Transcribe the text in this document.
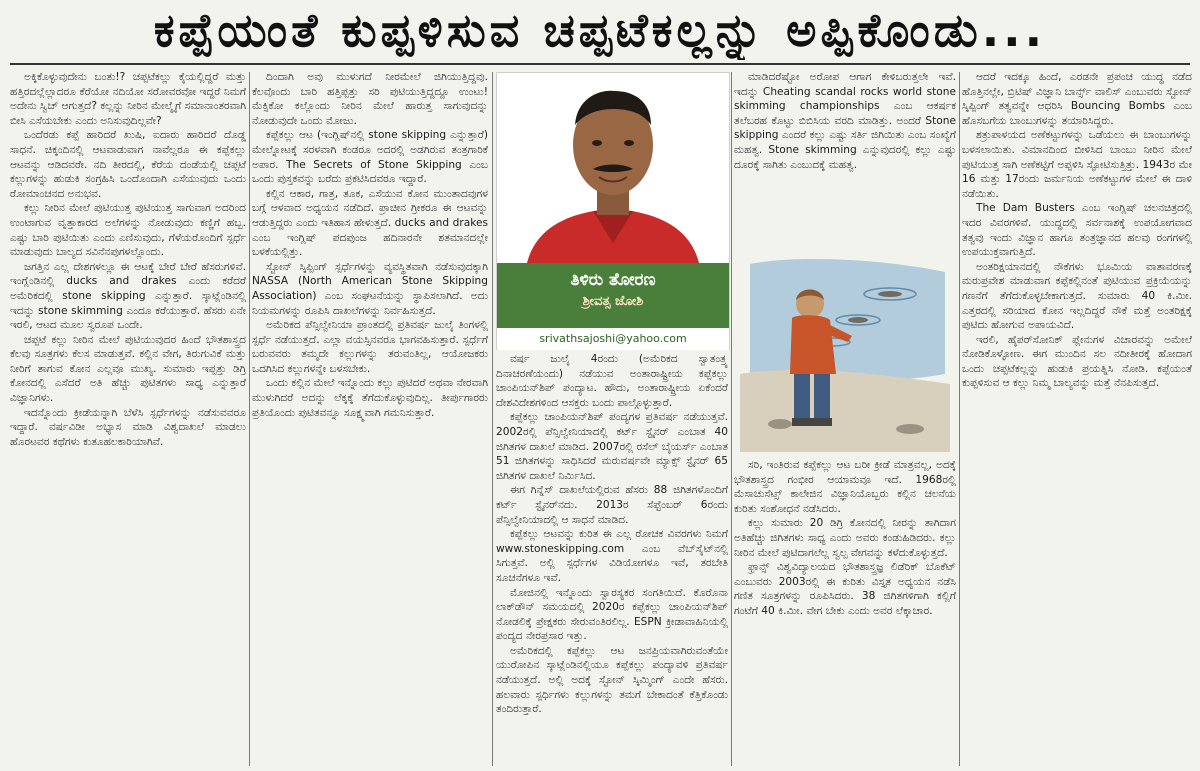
ಕಪ್ಪೆಯಂತೆ ಕುಪ್ಪಳಿಸುವ ಚಪ್ಪಟೆಕಲ್ಲನ್ನು ಅಪ್ಪಿಕೊಂಡು...

ಅಕ್ಕಿಕೊಳ್ಳುವುದೇನು ಬಂತು!? ಚಪ್ಪಟೆಕಲ್ಲು ಕೈಯಲ್ಲಿದ್ದರೆ ಮತ್ತು ಹತ್ತಿರದಲ್ಲೆಲ್ಲಾದರೂ ಕೆರೆಯೋ ನದಿಯೋ ಸರೋವರವೋ ಇದ್ದರೆ ನಿಮಗೆ ಅದೇನು ಸ್ವಿಚ್ ಆಗುತ್ತದೆ? ಕಲ್ಲನ್ನು ನೀರಿನ ಮೇಲ್ಮೈಗೆ ಸಮಾನಾಂತರವಾಗಿ ಬೀಸಿ ಎಸೆಯಬೇಕು ಎಂದು ಅನಿಸುವುದಿಲ್ಲವೇ?

ಒಂದೆರಡು ಕಪ್ಪೆ ಹಾರಿದರೆ ಖುಷಿ, ಐದಾರು ಹಾರಿದರೆ ದೊಡ್ಡ ಸಾಧನೆ. ಚಿಕ್ಕಂದಿನಲ್ಲಿ ಆಟವಾಡುವಾಗ ನಾವೆಲ್ಲರೂ ಈ ಕಪ್ಪೆಕಲ್ಲು ಆಟವನ್ನು ಆಡಿದವರೇ. ನದಿ ತೀರದಲ್ಲಿ, ಕೆರೆಯ ದಂಡೆಯಲ್ಲಿ ಚಪ್ಪಟೆ ಕಲ್ಲುಗಳನ್ನು ಹುಡುಕಿ ಸಂಗ್ರಹಿಸಿ ಒಂದೊಂದಾಗಿ ಎಸೆಯುವುದು ಒಂದು ರೋಮಾಂಚನದ ಅನುಭವ.

ಕಲ್ಲು ನೀರಿನ ಮೇಲೆ ಪುಟಿಯುತ್ತ ಪುಟಿಯುತ್ತ ಸಾಗುವಾಗ ಅದರಿಂದ ಉಂಟಾಗುವ ವೃತ್ತಾಕಾರದ ಅಲೆಗಳನ್ನು ನೋಡುವುದು ಕಣ್ಣಿಗೆ ಹಬ್ಬ. ಎಷ್ಟು ಬಾರಿ ಪುಟಿಯಿತು ಎಂದು ಎಣಿಸುವುದು, ಗೆಳೆಯರೊಂದಿಗೆ ಸ್ಪರ್ಧೆ ಮಾಡುವುದು ಬಾಲ್ಯದ ಸವಿನೆನಪುಗಳಲ್ಲೊಂದು.

ಜಗತ್ತಿನ ಎಲ್ಲ ದೇಶಗಳಲ್ಲೂ ಈ ಆಟಕ್ಕೆ ಬೇರೆ ಬೇರೆ ಹೆಸರುಗಳಿವೆ. ಇಂಗ್ಲೆಂಡಿನಲ್ಲಿ ducks and drakes ಎಂದು ಕರೆದರೆ ಅಮೆರಿಕದಲ್ಲಿ stone skipping ಎನ್ನುತ್ತಾರೆ. ಸ್ಕಾಟ್ಲೆಂಡಿನಲ್ಲಿ ಇದನ್ನು stone skimming ಎಂದೂ ಕರೆಯುತ್ತಾರೆ. ಹೆಸರು ಏನೇ ಇರಲಿ, ಆಟದ ಮೂಲ ಸ್ವರೂಪ ಒಂದೇ.

ಚಪ್ಪಟೆ ಕಲ್ಲು ನೀರಿನ ಮೇಲೆ ಪುಟಿಯುವುದರ ಹಿಂದೆ ಭೌತಶಾಸ್ತ್ರದ ಕೆಲವು ಸೂತ್ರಗಳು ಕೆಲಸ ಮಾಡುತ್ತವೆ. ಕಲ್ಲಿನ ವೇಗ, ತಿರುಗುವಿಕೆ ಮತ್ತು ನೀರಿಗೆ ತಾಗುವ ಕೋನ ಎಲ್ಲವೂ ಮುಖ್ಯ. ಸುಮಾರು ಇಪ್ಪತ್ತು ಡಿಗ್ರಿ ಕೋನದಲ್ಲಿ ಎಸೆದರೆ ಅತಿ ಹೆಚ್ಚು ಪುಟಿತಗಳು ಸಾಧ್ಯ ಎನ್ನುತ್ತಾರೆ ವಿಜ್ಞಾನಿಗಳು.

ಇದನ್ನೊಂದು ಕ್ರೀಡೆಯನ್ನಾಗಿ ಬೆಳೆಸಿ ಸ್ಪರ್ಧೆಗಳನ್ನು ನಡೆಸುವವರೂ ಇದ್ದಾರೆ. ವರ್ಷವಿಡೀ ಅಭ್ಯಾಸ ಮಾಡಿ ವಿಶ್ವದಾಖಲೆ ಮಾಡಲು ಹೊರಟವರ ಕಥೆಗಳು ಕುತೂಹಲಕಾರಿಯಾಗಿವೆ.

ದಿಂದಾಗಿ ಅವು ಮುಳುಗದೆ ನೀರಮೇಲೆ ಜಿಗಿಯುತ್ತಿದ್ದವು. ಕೆಲವೊಂದು ಬಾರಿ ಹತ್ತಿಪ್ಪತ್ತು ಸರಿ ಪುಟಿಯುತ್ತಿದ್ದದ್ದೂ ಉಂಟು! ಮೆಕ್ಸಿಕೋ ಕಲ್ಲೊಂದು ನೀರಿನ ಮೇಲೆ ಹಾರುತ್ತ ಸಾಗುವುದನ್ನು ನೋಡುವುದೇ ಒಂದು ಮೋಜು.

ಕಪ್ಪೆಕಲ್ಲು ಆಟ (ಇಂಗ್ಲಿಷ್‌ನಲ್ಲಿ stone skipping ಎನ್ನುತ್ತಾರೆ) ಮೇಲ್ನೋಟಕ್ಕೆ ಸರಳವಾಗಿ ಕಂಡರೂ ಅದರಲ್ಲಿ ಅಡಗಿರುವ ತಂತ್ರಗಾರಿಕೆ ಅಪಾರ. The Secrets of Stone Skipping ಎಂಬ ಒಂದು ಪುಸ್ತಕವನ್ನು ಬರೆದು ಪ್ರಕಟಿಸಿದವರೂ ಇದ್ದಾರೆ.

ಕಲ್ಲಿನ ಆಕಾರ, ಗಾತ್ರ, ತೂಕ, ಎಸೆಯುವ ಕೋನ ಮುಂತಾದವುಗಳ ಬಗ್ಗೆ ಆಳವಾದ ಅಧ್ಯಯನ ನಡೆದಿದೆ. ಪ್ರಾಚೀನ ಗ್ರೀಕರೂ ಈ ಆಟವನ್ನು ಆಡುತ್ತಿದ್ದರು ಎಂದು ಇತಿಹಾಸ ಹೇಳುತ್ತದೆ. ducks and drakes ಎಂಬ ಇಂಗ್ಲಿಷ್ ಪದಪುಂಜ ಹದಿನಾರನೇ ಶತಮಾನದಲ್ಲೇ ಬಳಕೆಯಲ್ಲಿತ್ತು.

ಸ್ಟೋನ್ ಸ್ಕಿಪ್ಪಿಂಗ್ ಸ್ಪರ್ಧೆಗಳನ್ನು ವ್ಯವಸ್ಥಿತವಾಗಿ ನಡೆಸುವುದಕ್ಕಾಗಿ NASSA (North American Stone Skipping Association) ಎಂಬ ಸಂಘಟನೆಯನ್ನು ಸ್ಥಾಪಿಸಲಾಗಿದೆ. ಅದು ನಿಯಮಗಳನ್ನು ರೂಪಿಸಿ ದಾಖಲೆಗಳನ್ನು ನಿರ್ವಹಿಸುತ್ತದೆ.

ಅಮೆರಿಕದ ಪೆನ್ಸಿಲ್ವೇನಿಯಾ ಪ್ರಾಂತದಲ್ಲಿ ಪ್ರತಿವರ್ಷ ಜುಲೈ ತಿಂಗಳಲ್ಲಿ ಸ್ಪರ್ಧೆ ನಡೆಯುತ್ತದೆ. ಎಲ್ಲಾ ವಯಸ್ಸಿನವರೂ ಭಾಗವಹಿಸುತ್ತಾರೆ. ಸ್ಪರ್ಧೆಗೆ ಬರುವವರು ತಮ್ಮದೇ ಕಲ್ಲುಗಳನ್ನು ತರುವಂತಿಲ್ಲ, ಆಯೋಜಕರು ಒದಗಿಸಿದ ಕಲ್ಲುಗಳನ್ನೇ ಬಳಸಬೇಕು.

ಒಂದು ಕಲ್ಲಿನ ಮೇಲೆ ಇನ್ನೊಂದು ಕಲ್ಲು ಪುಟಿದರೆ ಅಥವಾ ನೇರವಾಗಿ ಮುಳುಗಿದರೆ ಅದನ್ನು ಲೆಕ್ಕಕ್ಕೆ ತೆಗೆದುಕೊಳ್ಳುವುದಿಲ್ಲ. ತೀರ್ಪುಗಾರರು ಪ್ರತಿಯೊಂದು ಪುಟಿತವನ್ನೂ ಸೂಕ್ಷ್ಮವಾಗಿ ಗಮನಿಸುತ್ತಾರೆ.

ತಿಳಿರು ತೋರಣ
ಶ್ರೀವತ್ಸ ಜೋಶಿ
srivathsajoshi@yahoo.com

ವರ್ಷ ಜುಲೈ 4ರಂದು (ಅಮೆರಿಕದ ಸ್ವಾತಂತ್ರ್ಯ ದಿನಾಚರಣೆಯಂದು) ನಡೆಯುವ ಅಂತಾರಾಷ್ಟ್ರೀಯ ಕಪ್ಪೆಕಲ್ಲು ಚಾಂಪಿಯನ್‌ಶಿಪ್ ಪಂದ್ಯಾಟ. ಹೌದು, ಅಂತಾರಾಷ್ಟ್ರೀಯ ಏಕೆಂದರೆ ದೇಶವಿದೇಶಗಳಿಂದ ಆಸಕ್ತರು ಬಂದು ಪಾಲ್ಗೊಳ್ಳುತ್ತಾರೆ.

ಕಪ್ಪೆಕಲ್ಲು ಚಾಂಪಿಯನ್‌ಶಿಪ್ ಪಂದ್ಯಗಳ ಪ್ರತಿವರ್ಷ ನಡೆಯುತ್ತವೆ. 2002ರಲ್ಲಿ ಪೆನ್ಸಿಲ್ವೇನಿಯಾದಲ್ಲಿ ಕರ್ಟ್ ಸ್ಟೈನರ್ ಎಂಬಾತ 40 ಜಿಗಿತಗಳ ದಾಖಲೆ ಮಾಡಿದ. 2007ರಲ್ಲಿ ರಸೆಲ್ ಬೈಯರ್ಸ್ ಎಂಬಾತ 51 ಜಿಗಿತಗಳನ್ನು ಸಾಧಿಸಿದರೆ ಮರುವರ್ಷವೇ ಮ್ಯಾಕ್ಸ್ ಸ್ಟೈನರ್ 65 ಜಿಗಿತಗಳ ದಾಖಲೆ ನಿರ್ಮಿಸಿದ.

ಈಗ ಗಿನ್ನೆಸ್ ದಾಖಲೆಯಲ್ಲಿರುವ ಹೆಸರು 88 ಜಿಗಿತಗಳೊಂದಿಗೆ ಕರ್ಟ್ ಸ್ಟೈನರ್‌ನದು. 2013ರ ಸೆಪ್ಟೆಂಬರ್ 6ರಂದು ಪೆನ್ಸಿಲ್ವೇನಿಯಾದಲ್ಲಿ ಆ ಸಾಧನೆ ಮಾಡಿದ.

ಕಪ್ಪೆಕಲ್ಲು ಆಟವನ್ನು ಕುರಿತ ಈ ಎಲ್ಲ ರೋಚಕ ವಿವರಗಳು ನಿಮಗೆ www.stoneskipping.com ಎಂಬ ವೆಬ್‌ಸೈಟ್‌ನಲ್ಲಿ ಸಿಗುತ್ತವೆ. ಅಲ್ಲಿ ಸ್ಪರ್ಧೆಗಳ ವಿಡಿಯೋಗಳೂ ಇವೆ, ತರಬೇತಿ ಸೂಚನೆಗಳೂ ಇವೆ.

ಮೋಜಿನಲ್ಲಿ ಇನ್ನೊಂದು ಸ್ವಾರಸ್ಯಕರ ಸಂಗತಿಯಿದೆ. ಕೊರೊನಾ ಲಾಕ್‌ಡೌನ್ ಸಮಯದಲ್ಲಿ 2020ರ ಕಪ್ಪೆಕಲ್ಲು ಚಾಂಪಿಯನ್‌ಶಿಪ್ ನೋಡಲಿಕ್ಕೆ ಪ್ರೇಕ್ಷಕರು ಸೇರುವಂತಿರಲಿಲ್ಲ. ESPN ಕ್ರೀಡಾವಾಹಿನಿಯಲ್ಲಿ ಪಂದ್ಯದ ನೇರಪ್ರಸಾರ ಇತ್ತು.

ಅಮೆರಿಕದಲ್ಲಿ ಕಪ್ಪೆಕಲ್ಲು ಆಟ ಜನಪ್ರಿಯವಾಗಿರುವಂತೆಯೇ ಯುರೋಪಿನ ಸ್ಕಾಟ್ಲೆಂಡಿನಲ್ಲಿಯೂ ಕಪ್ಪೆಕಲ್ಲು ಪಂದ್ಯಾವಳಿ ಪ್ರತಿವರ್ಷ ನಡೆಯುತ್ತದೆ. ಅಲ್ಲಿ ಅದಕ್ಕೆ ಸ್ಟೋನ್ ಸ್ಕಿಮ್ಮಿಂಗ್ ಎಂದೇ ಹೆಸರು. ಹಲವಾರು ಸ್ಪರ್ಧಿಗಳು ಕಲ್ಲುಗಳನ್ನು ತಮಗೆ ಬೇಕಾದಂತೆ ಕೆತ್ತಿಕೊಂಡು ತಂದಿರುತ್ತಾರೆ.

ಮಾಡಿದರೆಷ್ಟೋ ಅರೋಪ ಆಗಾಗ ಕೇಳಿಬರುತ್ತಲೇ ಇವೆ. ಇದನ್ನು Cheating scandal rocks world stone skimming championships ಎಂಬ ಆಕರ್ಷಕ ತಲೆಬರಹ ಕೊಟ್ಟು ಬಿಬಿಸಿಯ ವರದಿ ಮಾಡಿತ್ತು. ಅಂದರೆ Stone skipping ಎಂದರೆ ಕಲ್ಲು ಎಷ್ಟು ಸರ್ತಿ ಜಿಗಿಯಿತು ಎಂಬ ಸಂಖ್ಯೆಗೆ ಮಹತ್ವ. Stone skimming ಎನ್ನುವುದರಲ್ಲಿ ಕಲ್ಲು ಎಷ್ಟು ದೂರಕ್ಕೆ ಸಾಗಿತು ಎಂಬುದಕ್ಕೆ ಮಹತ್ವ.

ಸರಿ, ಇಂತಿರುವ ಕಪ್ಪೆಕಲ್ಲು ಆಟ ಬರೀ ಕ್ರೀಡೆ ಮಾತ್ರವಲ್ಲ, ಅದಕ್ಕೆ ಭೌತಶಾಸ್ತ್ರದ ಗಂಭೀರ ಆಯಾಮವೂ ಇದೆ. 1968ರಲ್ಲಿ ಮೆಸಾಚುಸೆಟ್ಸ್ ಕಾಲೇಜಿನ ವಿಜ್ಞಾನಿಯೊಬ್ಬರು ಕಲ್ಲಿನ ಚಲನೆಯ ಕುರಿತು ಸಂಶೋಧನೆ ನಡೆಸಿದರು.

ಕಲ್ಲು ಸುಮಾರು 20 ಡಿಗ್ರಿ ಕೋನದಲ್ಲಿ ನೀರನ್ನು ತಾಗಿದಾಗ ಅತಿಹೆಚ್ಚು ಜಿಗಿತಗಳು ಸಾಧ್ಯ ಎಂದು ಅವರು ಕಂಡುಹಿಡಿದರು. ಕಲ್ಲು ನೀರಿನ ಮೇಲೆ ಪುಟಿದಾಗಲೆಲ್ಲ ಸ್ವಲ್ಪ ವೇಗವನ್ನು ಕಳೆದುಕೊಳ್ಳುತ್ತದೆ.

ಫ್ರಾನ್ಸ್ ವಿಶ್ವವಿದ್ಯಾಲಯದ ಭೌತಶಾಸ್ತ್ರಜ್ಞ ಲಿಡೆರಿಕ್ ಬೊಕೆಟ್ ಎಂಬುವರು 2003ರಲ್ಲಿ ಈ ಕುರಿತು ವಿಸ್ತೃತ ಅಧ್ಯಯನ ನಡೆಸಿ ಗಣಿತ ಸೂತ್ರಗಳನ್ನು ರೂಪಿಸಿದರು. 38 ಜಿಗಿತಗಳಿಗಾಗಿ ಕಲ್ಲಿಗೆ ಗಂಟೆಗೆ 40 ಕಿ.ಮೀ. ವೇಗ ಬೇಕು ಎಂದು ಅವರ ಲೆಕ್ಕಾಚಾರ.

ಆದರೆ ಇದಕ್ಕೂ ಹಿಂದೆ, ಎರಡನೇ ಪ್ರಪಂಚ ಯುದ್ಧ ನಡೆದ ಹೊತ್ತಿನಲ್ಲೇ, ಬ್ರಿಟಿಷ್ ವಿಜ್ಞಾನಿ ಬಾರ್ನ್ಸ್ ವಾಲಿಸ್ ಎಂಬುವರು ಸ್ಟೋನ್ ಸ್ಕಿಪ್ಪಿಂಗ್ ತತ್ವವನ್ನೇ ಆಧರಿಸಿ Bouncing Bombs ಎಂಬ ಹೊಸಬಗೆಯ ಬಾಂಬುಗಳನ್ನು ತಯಾರಿಸಿದ್ದರು.

ಶತ್ರುಪಾಳಯದ ಅಣೆಕಟ್ಟುಗಳನ್ನು ಒಡೆಯಲು ಈ ಬಾಂಬುಗಳನ್ನು ಬಳಸಲಾಯಿತು. ವಿಮಾನದಿಂದ ಬೀಳಿಸಿದ ಬಾಂಬು ನೀರಿನ ಮೇಲೆ ಪುಟಿಯುತ್ತ ಸಾಗಿ ಅಣೆಕಟ್ಟಿಗೆ ಅಪ್ಪಳಿಸಿ ಸ್ಫೋಟಿಸುತ್ತಿತ್ತು. 1943ರ ಮೇ 16 ಮತ್ತು 17ರಂದು ಜರ್ಮನಿಯ ಅಣೆಕಟ್ಟುಗಳ ಮೇಲೆ ಈ ದಾಳಿ ನಡೆಯಿತು.

The Dam Busters ಎಂಬ ಇಂಗ್ಲಿಷ್ ಚಲನಚಿತ್ರದಲ್ಲಿ ಇದರ ವಿವರಗಳಿವೆ. ಯುದ್ಧದಲ್ಲಿ ಸರ್ವನಾಶಕ್ಕೆ ಉಪಯೋಗವಾದ ತತ್ವವು ಇಂದು ವಿಜ್ಞಾನ ಹಾಗೂ ತಂತ್ರಜ್ಞಾನದ ಹಲವು ರಂಗಗಳಲ್ಲಿ ಉಪಯುಕ್ತವಾಗುತ್ತಿದೆ.

ಅಂತರಿಕ್ಷಯಾನದಲ್ಲಿ ನೌಕೆಗಳು ಭೂಮಿಯ ವಾತಾವರಣಕ್ಕೆ ಮರುಪ್ರವೇಶ ಮಾಡುವಾಗ ಕಪ್ಪೆಕಲ್ಲಿನಂತೆ ಪುಟಿಯುವ ಪ್ರಕ್ರಿಯೆಯನ್ನು ಗಣನೆಗೆ ತೆಗೆದುಕೊಳ್ಳಬೇಕಾಗುತ್ತದೆ. ಸುಮಾರು 40 ಕಿ.ಮೀ. ಎತ್ತರದಲ್ಲಿ ಸರಿಯಾದ ಕೋನ ಇಲ್ಲದಿದ್ದರೆ ನೌಕೆ ಮತ್ತೆ ಅಂತರಿಕ್ಷಕ್ಕೆ ಪುಟಿದು ಹೋಗುವ ಅಪಾಯವಿದೆ.

ಇರಲಿ, ಹೈಪರ್‌ಸೋನಿಕ್ ಪ್ಲೇನುಗಳ ವಿಚಾರವನ್ನು ಅಮೇಲೆ ನೋಡಿಕೊಳ್ಳೋಣ. ಈಗ ಮುಂದಿನ ಸಲ ನದೀತೀರಕ್ಕೆ ಹೋದಾಗ ಒಂದು ಚಪ್ಪಟೆಕಲ್ಲನ್ನು ಹುಡುಕಿ ಪ್ರಯತ್ನಿಸಿ ನೋಡಿ. ಕಪ್ಪೆಯಂತೆ ಕುಪ್ಪಳಿಸುವ ಆ ಕಲ್ಲು ನಿಮ್ಮ ಬಾಲ್ಯವನ್ನು ಮತ್ತೆ ನೆನಪಿಸುತ್ತದೆ.
